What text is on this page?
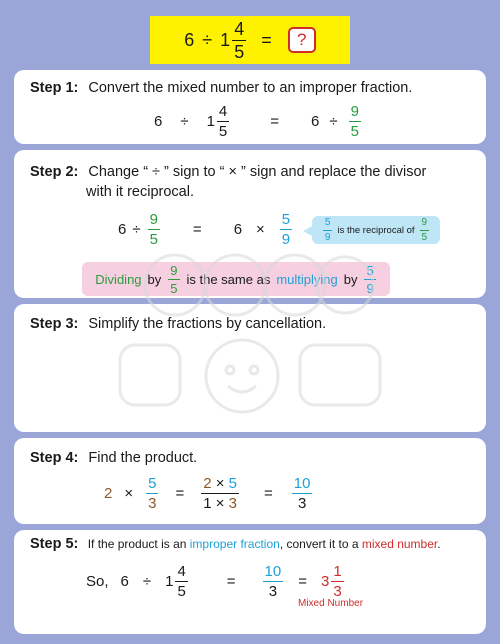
$6 \div 1 \frac{4}{5}$ =	?
Step 1: Convert the mixed number to an improper fraction.
$6 \div 1 \frac{4}{5}$	= $6 \div \frac{9}{5}$
Step 2: Change “ ÷ ” sign to “ × ” sign and replace the divisor
with it reciprocal.
$6 \div \frac{9}{5} = 6 \times \frac{5}{9}$	$\frac{5}{9}$ is the reciprocal of $\frac{9}{5}$
Dividing by $\frac{9}{5}$ is the same as multiplying by $\frac{5}{9}$
Step 3: Simplify the fractions by cancellation.
Step 4: Find the product.
$2 \times \frac{5}{3} = \frac{2 \times 5}{1 \times 3} = \frac{10}{3}$
Step 5: If the product is an improper fraction, convert it to a mixed number.
So, $6 \div 1 \frac{4}{5}$	= $\frac{10}{3} = 3 \frac{1}{3}$
Mixed Number
